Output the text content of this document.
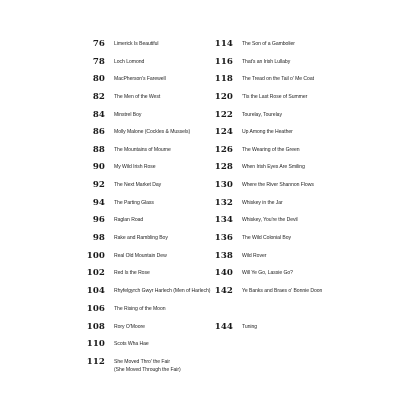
76 Limerick Is Beautiful
78 Loch Lomond
80 MacPherson's Farewell
82 The Men of the West
84 Minstrel Boy
86 Molly Malone (Cockles & Mussels)
88 The Mountains of Mourne
90 My Wild Irish Rose
92 The Next Market Day
94 The Parting Glass
96 Raglan Road
98 Rake and Rambling Boy
100 Real Old Mountain Dew
102 Red Is the Rose
104 Rhyfelgyrch Gwyr Harlech (Men of Harlech)
106 The Rising of the Moon
108 Rory O'Moore
110 Scots Wha Hae
112 She Moved Thro' the Fair
(She Moved Through the Fair)
114 The Son of a Gambolier
116 That's an Irish Lullaby
118 The Tread on the Tail o' Me Coat
120 'Tis the Last Rose of Summer
122 Tourelay, Tourelay
124 Up Among the Heather
126 The Wearing of the Green
128 When Irish Eyes Are Smiling
130 Where the River Shannon Flows
132 Whiskey in the Jar
134 Whiskey, You're the Devil
136 The Wild Colonial Boy
138 Wild Rover
140 Will Ye Go, Lassie Go?
142 Ye Banks and Braes o' Bonnie Doon
144 Tuning
